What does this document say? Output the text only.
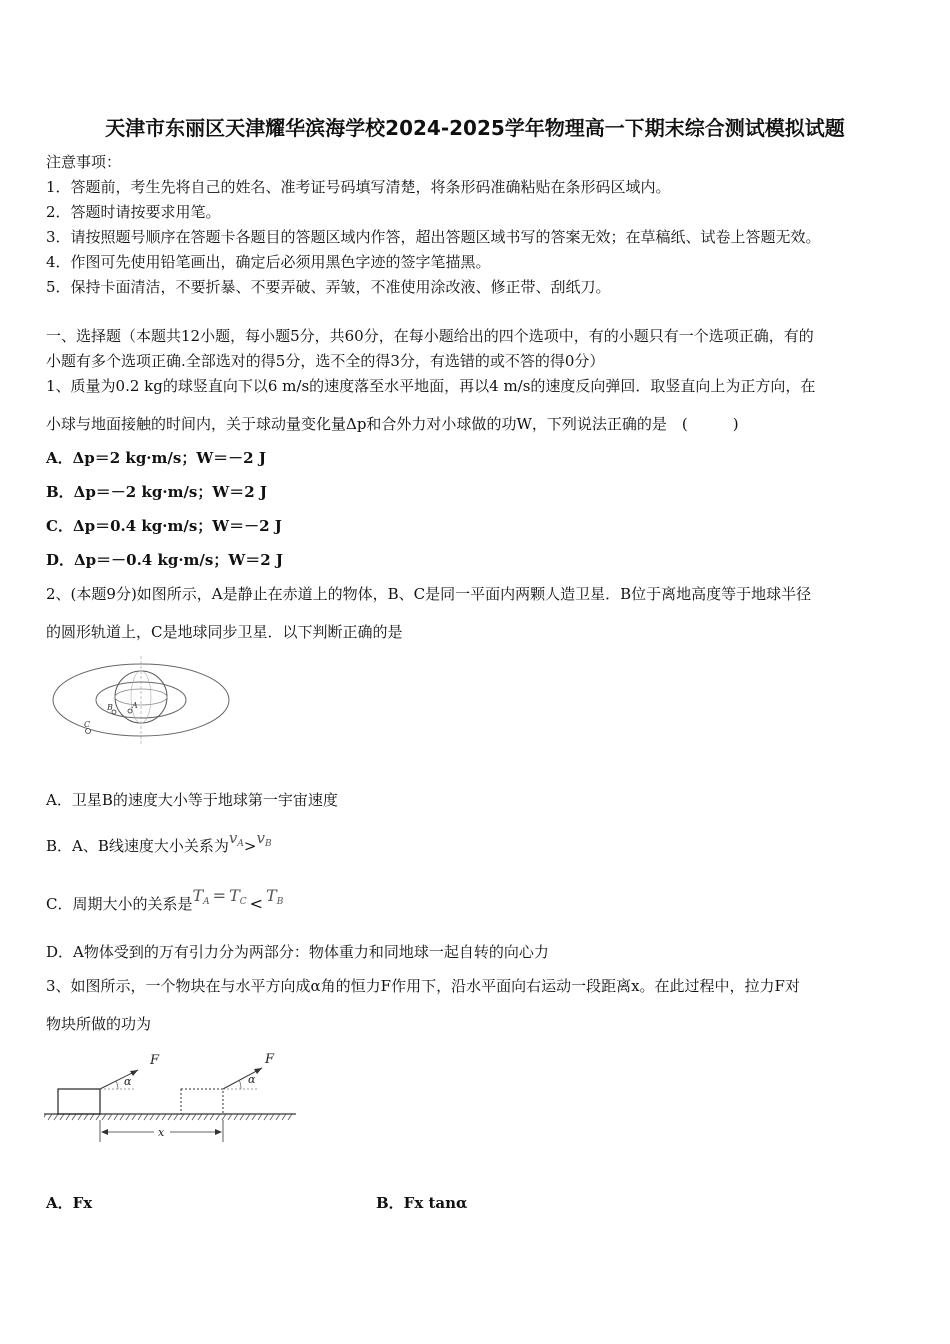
天津市东丽区天津耀华滨海学校2024-2025学年物理高一下期末综合测试模拟试题
注意事项：
1．答题前，考生先将自己的姓名、准考证号码填写清楚，将条形码准确粘贴在条形码区域内。
2．答题时请按要求用笔。
3．请按照题号顺序在答题卡各题目的答题区域内作答，超出答题区域书写的答案无效；在草稿纸、试卷上答题无效。
4．作图可先使用铅笔画出，确定后必须用黑色字迹的签字笔描黑。
5．保持卡面清洁，不要折暴、不要弄破、弄皱，不准使用涂改液、修正带、刮纸刀。
一、选择题（本题共12小题，每小题5分，共60分，在每小题给出的四个选项中，有的小题只有一个选项正确，有的
小题有多个选项正确.全部选对的得5分，选不全的得3分，有选错的或不答的得0分）
1、质量为0.2 kg的球竖直向下以6 m/s的速度落至水平地面，再以4 m/s的速度反向弹回．取竖直向上为正方向，在
小球与地面接触的时间内，关于球动量变化量Δp和合外力对小球做的功W，下列说法正确的是　(　　　)
A．Δp＝2 kg·m/s；W＝－2 J
B．Δp＝－2 kg·m/s；W＝2 J
C．Δp＝0.4 kg·m/s；W＝－2 J
D．Δp＝－0.4 kg·m/s；W＝2 J
2、(本题9分)如图所示，A是静止在赤道上的物体，B、C是同一平面内两颗人造卫星．B位于离地高度等于地球半径
的圆形轨道上，C是地球同步卫星．以下判断正确的是
A
B
C
A．卫星B的速度大小等于地球第一宇宙速度
B．A、B线速度大小关系为$v_A>v_B$
C．周期大小的关系是$T_A = T_C < T_B$
D．A物体受到的万有引力分为两部分：物体重力和同地球一起自转的向心力
3、如图所示，一个物块在与水平方向成α角的恒力F作用下，沿水平面向右运动一段距离x。在此过程中，拉力F对
物块所做的功为
F
α
F
α
x
A．Fx	B．Fx tanα
